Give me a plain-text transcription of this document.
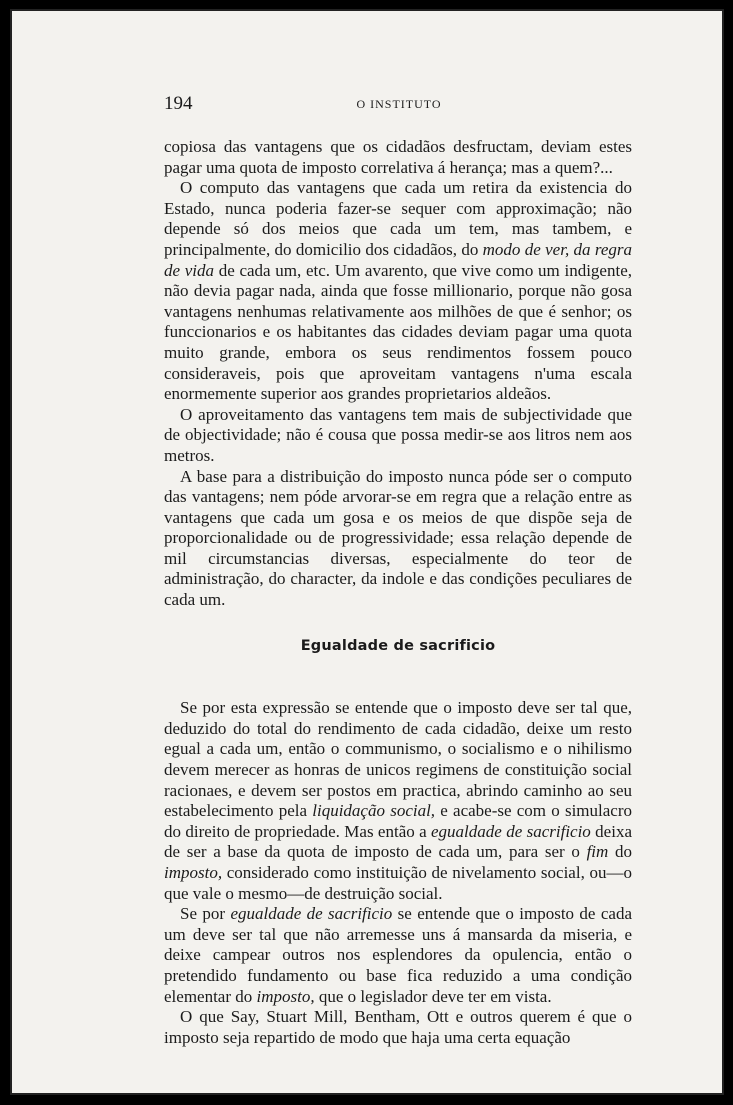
194	O INSTITUTO

copiosa das vantagens que os cidadãos desfructam, deviam estes pagar uma quota de imposto correlativa á herança; mas a quem?...

O computo das vantagens que cada um retira da existencia do Estado, nunca poderia fazer-se sequer com approximação; não depende só dos meios que cada um tem, mas tambem, e principalmente, do domicilio dos cidadãos, do modo de ver, da regra de vida de cada um, etc. Um avarento, que vive como um indigente, não devia pagar nada, ainda que fosse millionario, porque não gosa vantagens nenhumas relativamente aos milhões de que é senhor; os funccionarios e os habitantes das cidades deviam pagar uma quota muito grande, embora os seus rendimentos fossem pouco consideraveis, pois que aproveitam vantagens n'uma escala enormemente superior aos grandes proprietarios aldeãos.

O aproveitamento das vantagens tem mais de subjectividade que de objectividade; não é cousa que possa medir-se aos litros nem aos metros.

A base para a distribuição do imposto nunca póde ser o computo das vantagens; nem póde arvorar-se em regra que a relação entre as vantagens que cada um gosa e os meios de que dispõe seja de proporcionalidade ou de progressividade; essa relação depende de mil circumstancias diversas, especialmente do teor de administração, do character, da indole e das condições peculiares de cada um.

Egualdade de sacrificio

Se por esta expressão se entende que o imposto deve ser tal que, deduzido do total do rendimento de cada cidadão, deixe um resto egual a cada um, então o communismo, o socialismo e o nihilismo devem merecer as honras de unicos regimens de constituição social racionaes, e devem ser postos em practica, abrindo caminho ao seu estabelecimento pela liquidação social, e acabe-se com o simulacro do direito de propriedade. Mas então a egualdade de sacrificio deixa de ser a base da quota de imposto de cada um, para ser o fim do imposto, considerado como instituição de nivelamento social, ou—o que vale o mesmo—de destruição social.

Se por egualdade de sacrificio se entende que o imposto de cada um deve ser tal que não arremesse uns á mansarda da miseria, e deixe campear outros nos esplendores da opulencia, então o pretendido fundamento ou base fica reduzido a uma condição elementar do imposto, que o legislador deve ter em vista.

O que Say, Stuart Mill, Bentham, Ott e outros querem é que o imposto seja repartido de modo que haja uma certa equação
